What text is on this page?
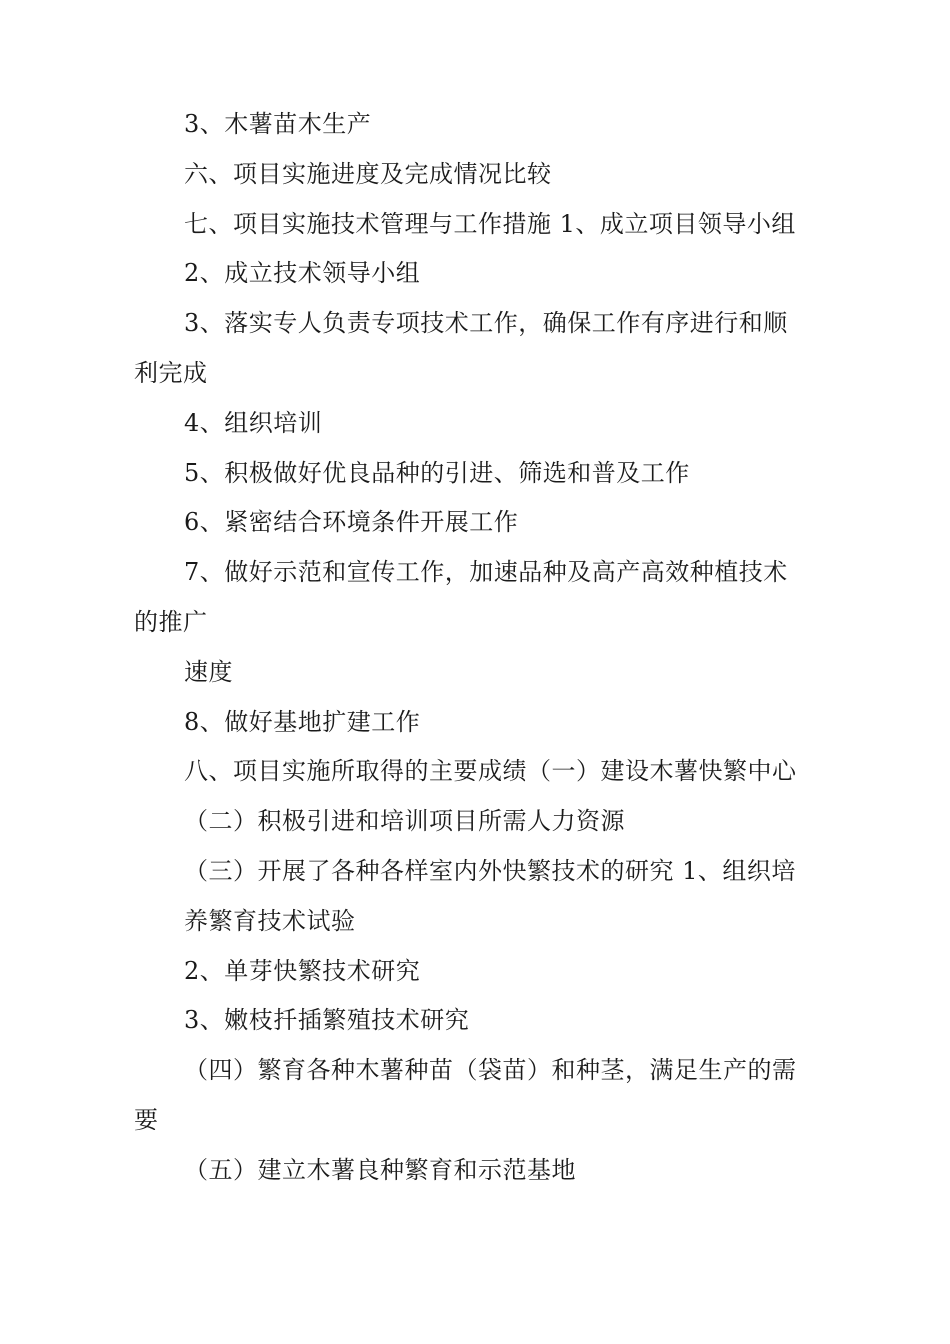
3、木薯苗木生产
六、项目实施进度及完成情况比较
七、项目实施技术管理与工作措施 1、成立项目领导小组
2、成立技术领导小组
3、落实专人负责专项技术工作，确保工作有序进行和顺
利完成
4、组织培训
5、积极做好优良品种的引进、筛选和普及工作
6、紧密结合环境条件开展工作
7、做好示范和宣传工作，加速品种及高产高效种植技术
的推广
速度
8、做好基地扩建工作
八、项目实施所取得的主要成绩（一）建设木薯快繁中心
（二）积极引进和培训项目所需人力资源
（三）开展了各种各样室内外快繁技术的研究 1、组织培
养繁育技术试验
2、单芽快繁技术研究
3、嫩枝扦插繁殖技术研究
（四）繁育各种木薯种苗（袋苗）和种茎，满足生产的需
要
（五）建立木薯良种繁育和示范基地
